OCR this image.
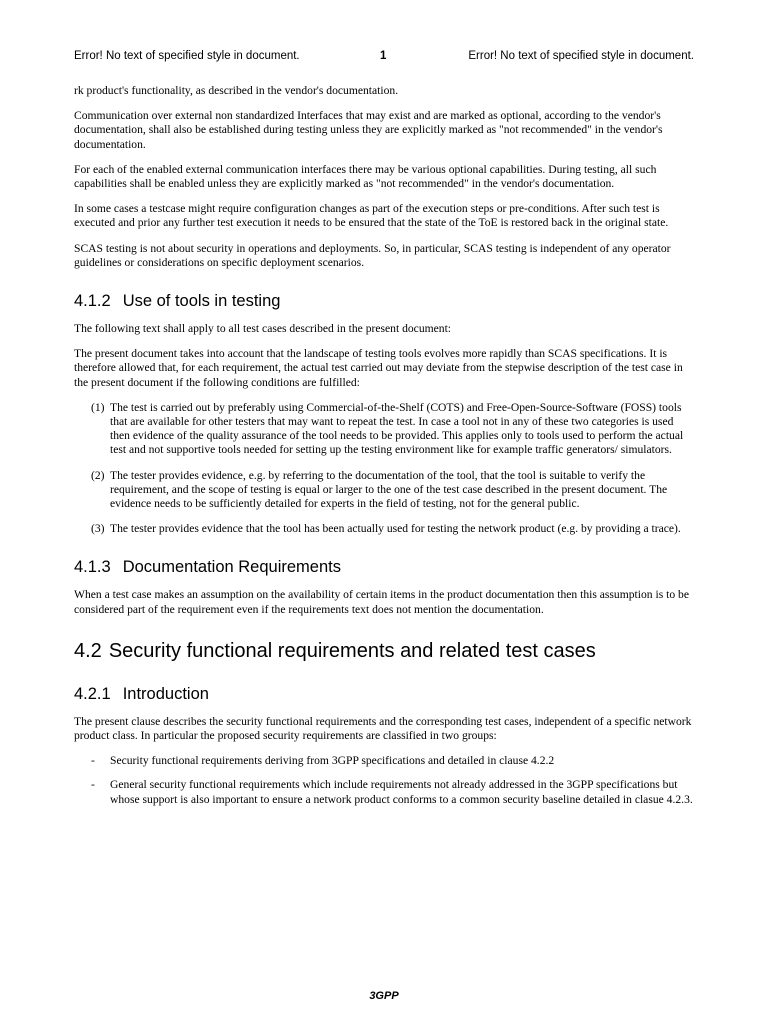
Error! No text of specified style in document.	1	Error! No text of specified style in document.

rk product's functionality, as described in the vendor's documentation.

Communication over external non standardized Interfaces that may exist and are marked as optional, according to the vendor's documentation, shall also be established during testing unless they are explicitly marked as "not recommended" in the vendor's documentation.

For each of the enabled external communication interfaces there may be various optional capabilities. During testing, all such capabilities shall be enabled unless they are explicitly marked as "not recommended" in the vendor's documentation.

In some cases a testcase might require configuration changes as part of the execution steps or pre-conditions. After such test is executed and prior any further test execution it needs to be ensured that the state of the ToE is restored back in the original state.

SCAS testing is not about security in operations and deployments. So, in particular, SCAS testing is independent of any operator guidelines or considerations on specific deployment scenarios.

4.1.2 Use of tools in testing

The following text shall apply to all test cases described in the present document:

The present document takes into account that the landscape of testing tools evolves more rapidly than SCAS specifications. It is therefore allowed that, for each requirement, the actual test carried out may deviate from the stepwise description of the test case in the present document if the following conditions are fulfilled:

(1) The test is carried out by preferably using Commercial-of-the-Shelf (COTS) and Free-Open-Source-Software (FOSS) tools that are available for other testers that may want to repeat the test. In case a tool not in any of these two categories is used then evidence of the quality assurance of the tool needs to be provided. This applies only to tools used to perform the actual test and not supportive tools needed for setting up the testing environment like for example traffic generators/ simulators.
(2) The tester provides evidence, e.g. by referring to the documentation of the tool, that the tool is suitable to verify the requirement, and the scope of testing is equal or larger to the one of the test case described in the present document. The evidence needs to be sufficiently detailed for experts in the field of testing, not for the general public.
(3) The tester provides evidence that the tool has been actually used for testing the network product (e.g. by providing a trace).
4.1.3 Documentation Requirements

When a test case makes an assumption on the availability of certain items in the product documentation then this assumption is to be considered part of the requirement even if the requirements text does not mention the documentation.

4.2 Security functional requirements and related test cases
4.2.1 Introduction

The present clause describes the security functional requirements and the corresponding test cases, independent of a specific network product class. In particular the proposed security requirements are classified in two groups:

- Security functional requirements deriving from 3GPP specifications and detailed in clause 4.2.2
- General security functional requirements which include requirements not already addressed in the 3GPP specifications but whose support is also important to ensure a network product conforms to a common security baseline detailed in clasue 4.2.3.
3GPP
